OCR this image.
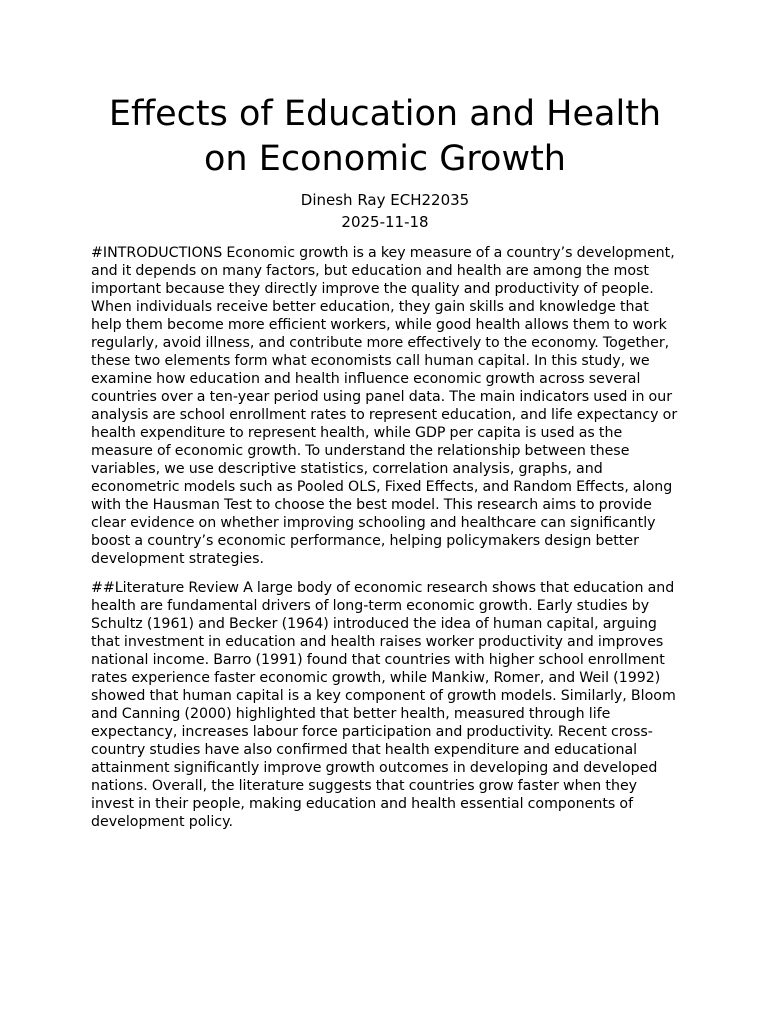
Effects of Education and Health on Economic Growth
Dinesh Ray ECH22035
2025-11-18

#INTRODUCTIONS Economic growth is a key measure of a country’s development, and it depends on many factors, but education and health are among the most important because they directly improve the quality and productivity of people. When individuals receive better education, they gain skills and knowledge that help them become more efficient workers, while good health allows them to work regularly, avoid illness, and contribute more effectively to the economy. Together, these two elements form what economists call human capital. In this study, we examine how education and health influence economic growth across several countries over a ten-year period using panel data. The main indicators used in our analysis are school enrollment rates to represent education, and life expectancy or health expenditure to represent health, while GDP per capita is used as the measure of economic growth. To understand the relationship between these variables, we use descriptive statistics, correlation analysis, graphs, and econometric models such as Pooled OLS, Fixed Effects, and Random Effects, along with the Hausman Test to choose the best model. This research aims to provide clear evidence on whether improving schooling and healthcare can significantly boost a country’s economic performance, helping policymakers design better development strategies.

##Literature Review A large body of economic research shows that education and health are fundamental drivers of long-term economic growth. Early studies by Schultz (1961) and Becker (1964) introduced the idea of human capital, arguing that investment in education and health raises worker productivity and improves national income. Barro (1991) found that countries with higher school enrollment rates experience faster economic growth, while Mankiw, Romer, and Weil (1992) showed that human capital is a key component of growth models. Similarly, Bloom and Canning (2000) highlighted that better health, measured through life expectancy, increases labour force participation and productivity. Recent cross-country studies have also confirmed that health expenditure and educational attainment significantly improve growth outcomes in developing and developed nations. Overall, the literature suggests that countries grow faster when they invest in their people, making education and health essential components of development policy.
